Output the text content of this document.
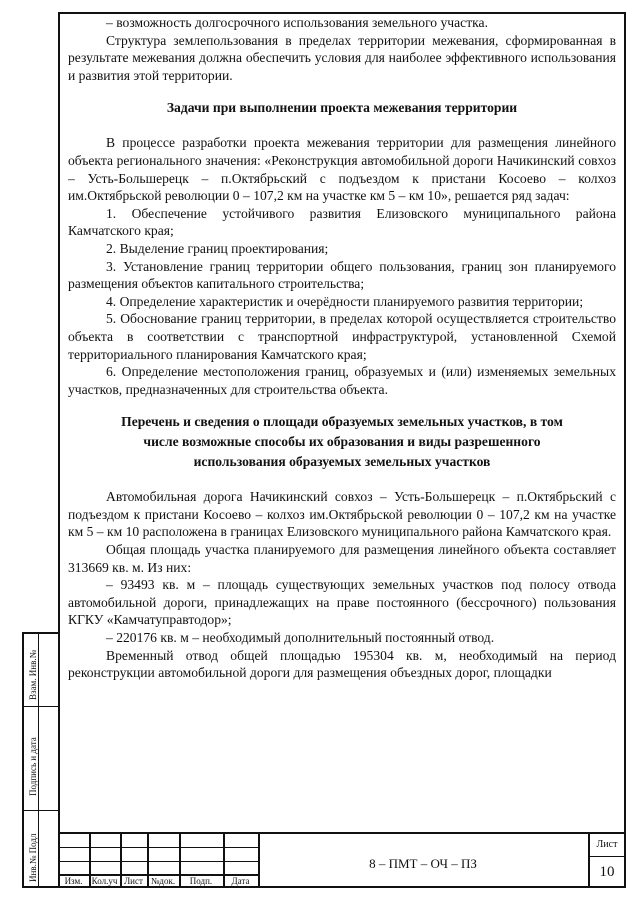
– возможность долгосрочного использования земельного участка.

Структура землепользования в пределах территории межевания, сформированная в результате межевания должна обеспечить условия для наиболее эффективного использования и развития этой территории.

Задачи при выполнении проекта межевания территории

В процессе разработки проекта межевания территории для размещения линейного объекта регионального значения: «Реконструкция автомобильной дороги Начикинский совхоз – Усть-Большерецк – п.Октябрьский с подъездом к пристани Косоево – колхоз им.Октябрьской революции 0 – 107,2 км на участке км 5 – км 10», решается ряд задач:

1. Обеспечение устойчивого развития Елизовского муниципального района Камчатского края;

2. Выделение границ проектирования;

3. Установление границ территории общего пользования, границ зон планируемого размещения объектов капитального строительства;

4. Определение характеристик и очерёдности планируемого развития территории;

5. Обоснование границ территории, в пределах которой осуществляется строительство объекта в соответствии с транспортной инфраструктурой, установленной Схемой территориального планирования Камчатского края;

6. Определение местоположения границ, образуемых и (или) изменяемых земельных участков, предназначенных для строительства объекта.

Перечень и сведения о площади образуемых земельных участков, в том
числе возможные способы их образования и виды разрешенного
использования образуемых земельных участков

Автомобильная дорога Начикинский совхоз – Усть-Большерецк – п.Октябрьский с подъездом к пристани Косоево – колхоз им.Октябрьской революции 0 – 107,2 км на участке км 5 – км 10 расположена в границах Елизовского муниципального района Камчатского края.

Общая площадь участка планируемого для размещения линейного объекта составляет 313669 кв. м. Из них:

– 93493 кв. м – площадь существующих земельных участков под полосу отвода автомобильной дороги, принадлежащих на праве постоянного (бессрочного) пользования КГКУ «Камчатуправтодор»;

– 220176 кв. м – необходимый дополнительный постоянный отвод.

Временный отвод общей площадью 195304 кв. м, необходимый на период реконструкции автомобильной дороги для размещения объездных дорог, площадки

Изм.	Кол.уч Лист №док.	Подп.	Дата
8 – ПМТ – ОЧ – ПЗ
Лист
10
Взам. Инв.№
Подпись и дата
Инв.№ Подл
